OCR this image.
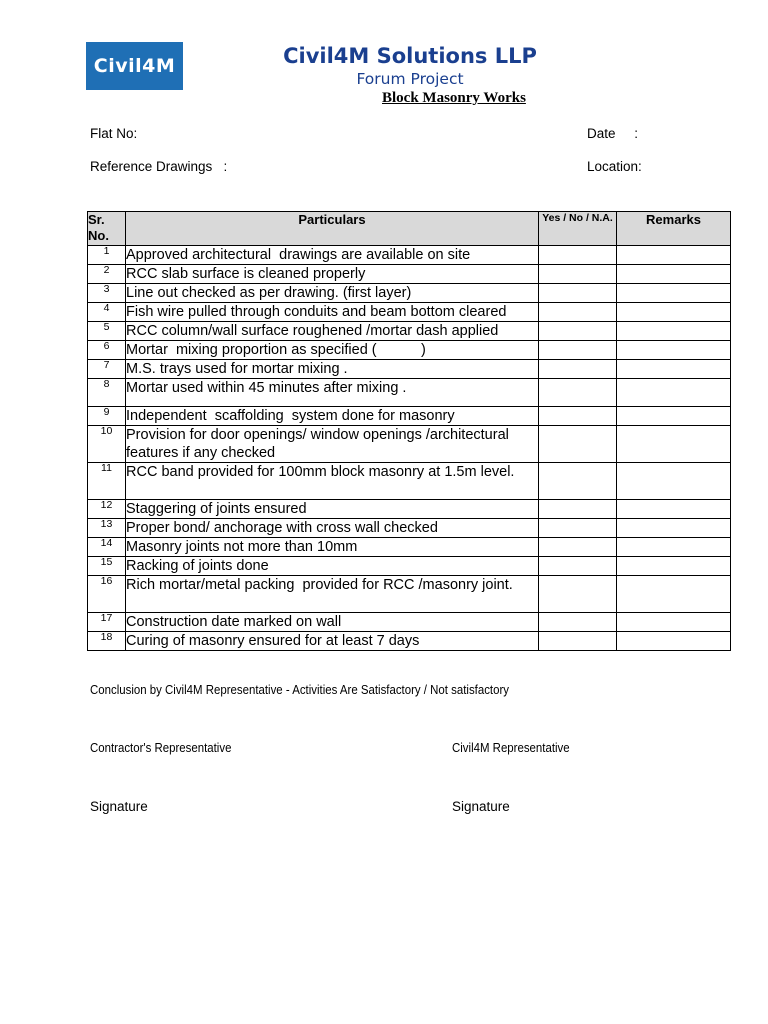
Civil4M	Civil4M Solutions LLP
Forum Project
Block Masonry Works
Flat No:	Date     :
Reference Drawings   :	Location:
Sr. No.	Particulars	Yes / No / N.A.	Remarks
1	Approved architectural  drawings are available on site		
2	RCC slab surface is cleaned properly		
3	Line out checked as per drawing. (first layer)		
4	Fish wire pulled through conduits and beam bottom cleared		
5	RCC column/wall surface roughened /mortar dash applied		
6	Mortar  mixing proportion as specified (           )		
7	M.S. trays used for mortar mixing .		
8	Mortar used within 45 minutes after mixing .		
9	Independent  scaffolding  system done for masonry		
10	Provision for door openings/ window openings /architectural features if any checked		
11	RCC band provided for 100mm block masonry at 1.5m level.		
12	Staggering of joints ensured		
13	Proper bond/ anchorage with cross wall checked		
14	Masonry joints not more than 10mm		
15	Racking of joints done		
16	Rich mortar/metal packing  provided for RCC /masonry joint.		
17	Construction date marked on wall		
18	Curing of masonry ensured for at least 7 days		
Conclusion by Civil4M Representative - Activities Are Satisfactory / Not satisfactory
Contractor's Representative	Civil4M Representative
Signature	Signature
